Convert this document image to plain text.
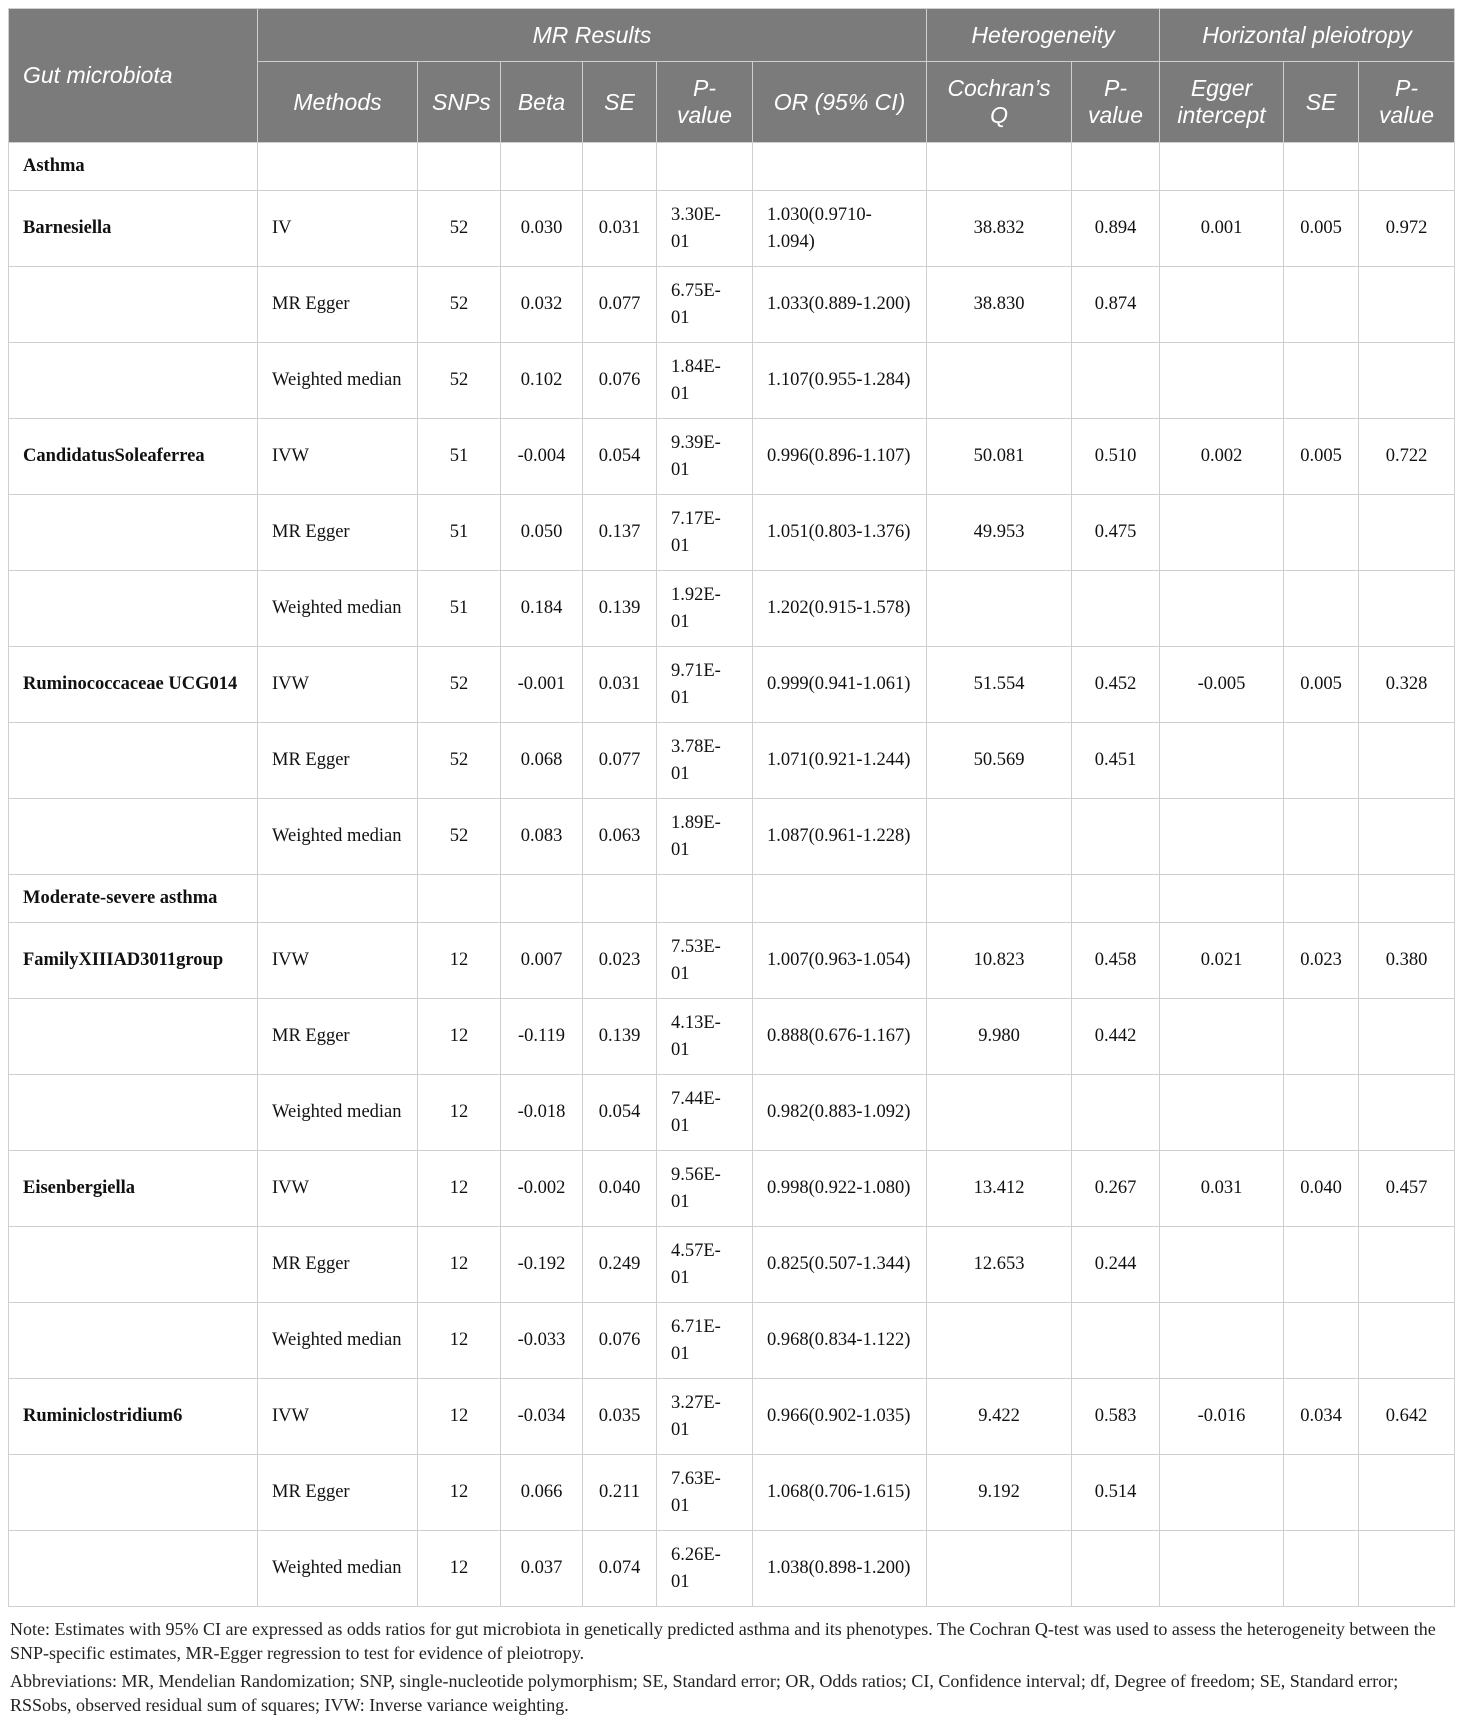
Gut microbiota	MR Results						Heterogeneity		Horizontal pleiotropy		
	Methods	SNPs	Beta	SE	P-value	OR (95% CI)	Cochran’s Q	P-value	Egger intercept	SE	P-value
Asthma											
Barnesiella	IV	52	0.030	0.031	3.30E-01	1.030(0.9710-1.094)	38.832	0.894	0.001	0.005	0.972
	MR Egger	52	0.032	0.077	6.75E-01	1.033(0.889-1.200)	38.830	0.874			
	Weighted median	52	0.102	0.076	1.84E-01	1.107(0.955-1.284)					
CandidatusSoleaferrea	IVW	51	-0.004	0.054	9.39E-01	0.996(0.896-1.107)	50.081	0.510	0.002	0.005	0.722
	MR Egger	51	0.050	0.137	7.17E-01	1.051(0.803-1.376)	49.953	0.475			
	Weighted median	51	0.184	0.139	1.92E-01	1.202(0.915-1.578)					
Ruminococcaceae UCG014	IVW	52	-0.001	0.031	9.71E-01	0.999(0.941-1.061)	51.554	0.452	-0.005	0.005	0.328
	MR Egger	52	0.068	0.077	3.78E-01	1.071(0.921-1.244)	50.569	0.451			
	Weighted median	52	0.083	0.063	1.89E-01	1.087(0.961-1.228)					
Moderate-severe asthma											
FamilyXIIIAD3011group	IVW	12	0.007	0.023	7.53E-01	1.007(0.963-1.054)	10.823	0.458	0.021	0.023	0.380
	MR Egger	12	-0.119	0.139	4.13E-01	0.888(0.676-1.167)	9.980	0.442			
	Weighted median	12	-0.018	0.054	7.44E-01	0.982(0.883-1.092)					
Eisenbergiella	IVW	12	-0.002	0.040	9.56E-01	0.998(0.922-1.080)	13.412	0.267	0.031	0.040	0.457
	MR Egger	12	-0.192	0.249	4.57E-01	0.825(0.507-1.344)	12.653	0.244			
	Weighted median	12	-0.033	0.076	6.71E-01	0.968(0.834-1.122)					
Ruminiclostridium6	IVW	12	-0.034	0.035	3.27E-01	0.966(0.902-1.035)	9.422	0.583	-0.016	0.034	0.642
	MR Egger	12	0.066	0.211	7.63E-01	1.068(0.706-1.615)	9.192	0.514			
	Weighted median	12	0.037	0.074	6.26E-01	1.038(0.898-1.200)					

Note: Estimates with 95% CI are expressed as odds ratios for gut microbiota in genetically predicted asthma and its phenotypes. The Cochran Q-test was used to assess the heterogeneity between the SNP-specific estimates, MR-Egger regression to test for evidence of pleiotropy.

Abbreviations: MR, Mendelian Randomization; SNP, single-nucleotide polymorphism; SE, Standard error; OR, Odds ratios; CI, Confidence interval; df, Degree of freedom; SE, Standard error; RSSobs, observed residual sum of squares; IVW: Inverse variance weighting.
